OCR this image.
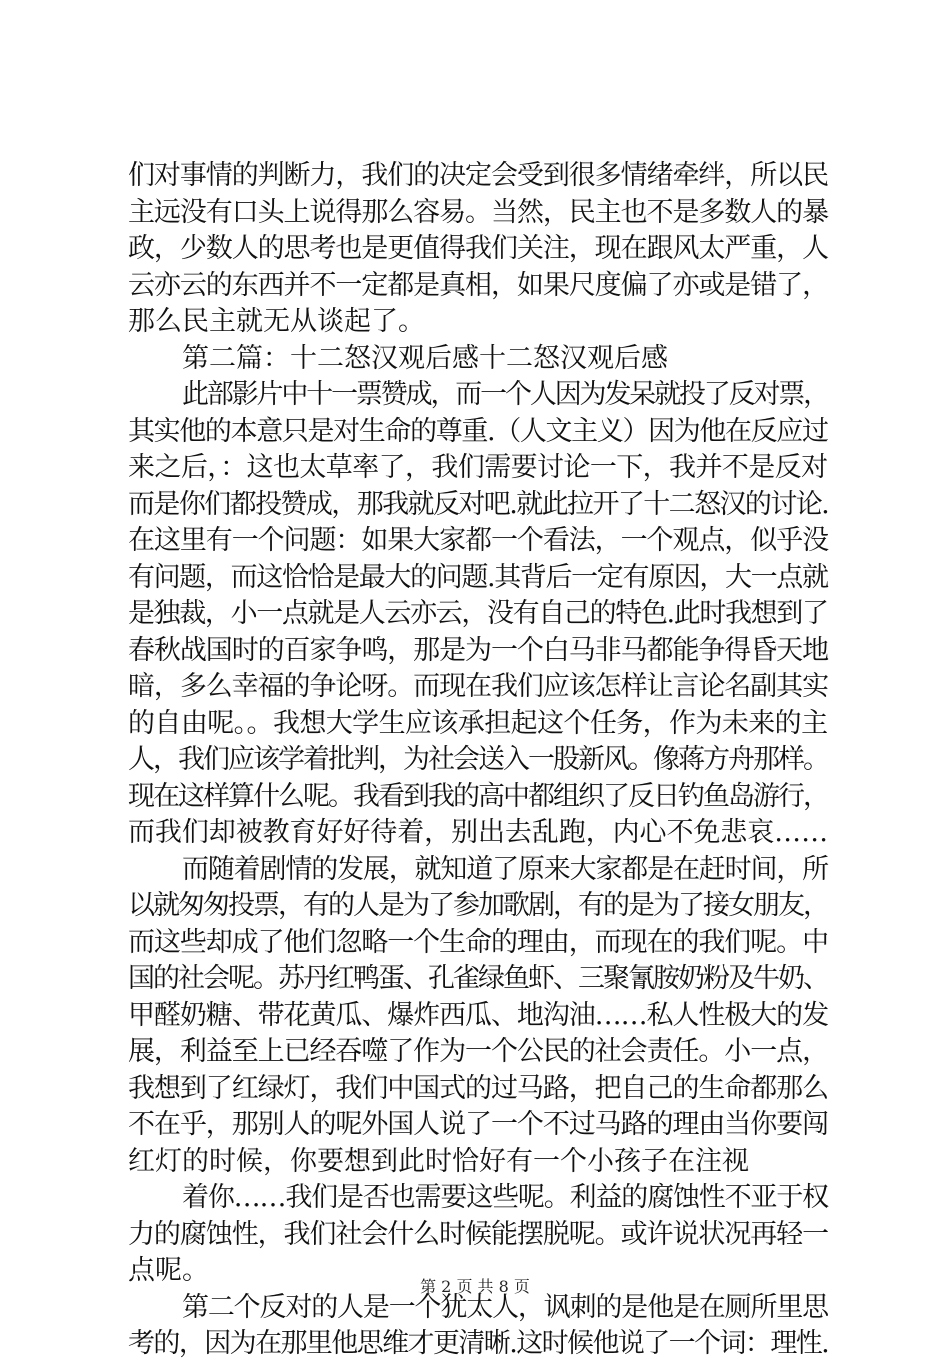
们对事情的判断力，我们的决定会受到很多情绪牵绊，所以民
主远没有口头上说得那么容易。当然，民主也不是多数人的暴
政，少数人的思考也是更值得我们关注，现在跟风太严重，人
云亦云的东西并不一定都是真相，如果尺度偏了亦或是错了，
那么民主就无从谈起了。
第二篇：十二怒汉观后感十二怒汉观后感
此部影片中十一票赞成，而一个人因为发呆就投了反对票，
其实他的本意只是对生命的尊重.（人文主义）因为他在反应过
来之后，：这也太草率了，我们需要讨论一下，我并不是反对
而是你们都投赞成，那我就反对吧.就此拉开了十二怒汉的讨论.
在这里有一个问题：如果大家都一个看法，一个观点，似乎没
有问题，而这恰恰是最大的问题.其背后一定有原因，大一点就
是独裁，小一点就是人云亦云，没有自己的特色.此时我想到了
春秋战国时的百家争鸣，那是为一个白马非马都能争得昏天地
暗，多么幸福的争论呀。而现在我们应该怎样让言论名副其实
的自由呢。。我想大学生应该承担起这个任务，作为未来的主
人，我们应该学着批判，为社会送入一股新风。像蒋方舟那样。
现在这样算什么呢。我看到我的高中都组织了反日钓鱼岛游行，
而我们却被教育好好待着，别出去乱跑，内心不免悲哀……
而随着剧情的发展，就知道了原来大家都是在赶时间，所
以就匆匆投票，有的人是为了参加歌剧，有的是为了接女朋友，
而这些却成了他们忽略一个生命的理由，而现在的我们呢。中
国的社会呢。苏丹红鸭蛋、孔雀绿鱼虾、三聚氰胺奶粉及牛奶、
甲醛奶糖、带花黄瓜、爆炸西瓜、地沟油……私人性极大的发
展，利益至上已经吞噬了作为一个公民的社会责任。小一点，
我想到了红绿灯，我们中国式的过马路，把自己的生命都那么
不在乎，那别人的呢外国人说了一个不过马路的理由当你要闯
红灯的时候，你要想到此时恰好有一个小孩子在注视
着你……我们是否也需要这些呢。利益的腐蚀性不亚于权
力的腐蚀性，我们社会什么时候能摆脱呢。或许说状况再轻一
点呢。
第二个反对的人是一个犹太人，讽刺的是他是在厕所里思
考的，因为在那里他思维才更清晰.这时候他说了一个词：理性.
第 2 页 共 8 页
